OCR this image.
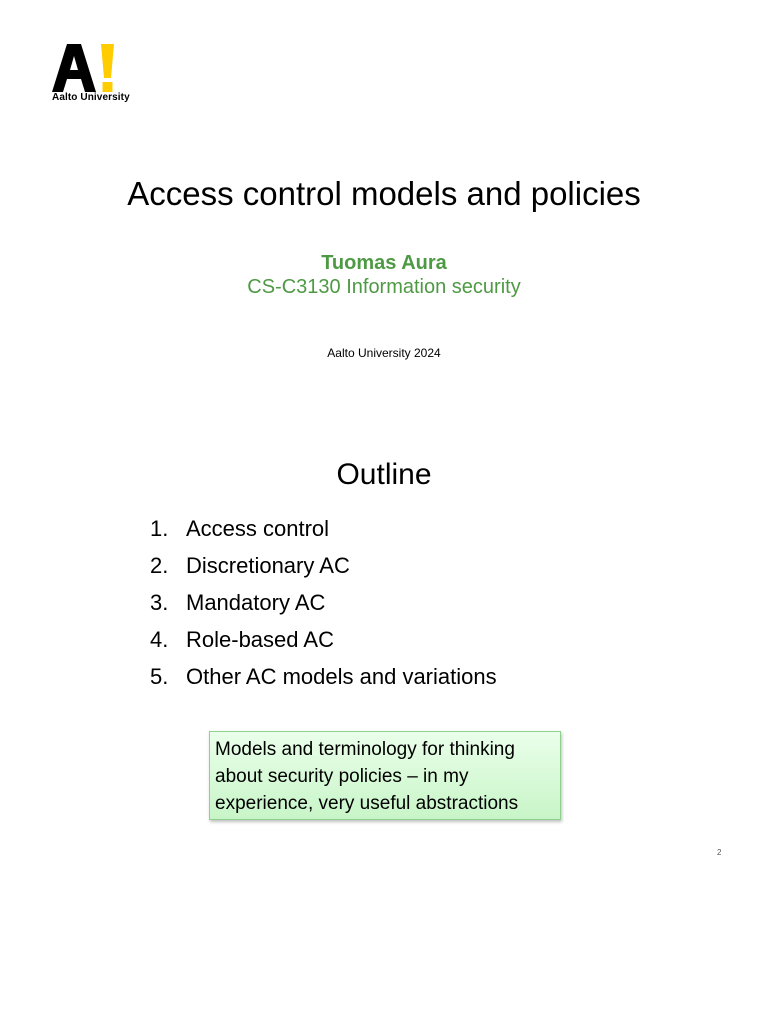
Aalto University
Access control models and policies
Tuomas Aura
CS-C3130 Information security
Aalto University 2024
Outline
1. Access control
2. Discretionary AC
3. Mandatory AC
4. Role-based AC
5. Other AC models and variations
Models and terminology for thinking about security policies – in my experience, very useful abstractions
2
